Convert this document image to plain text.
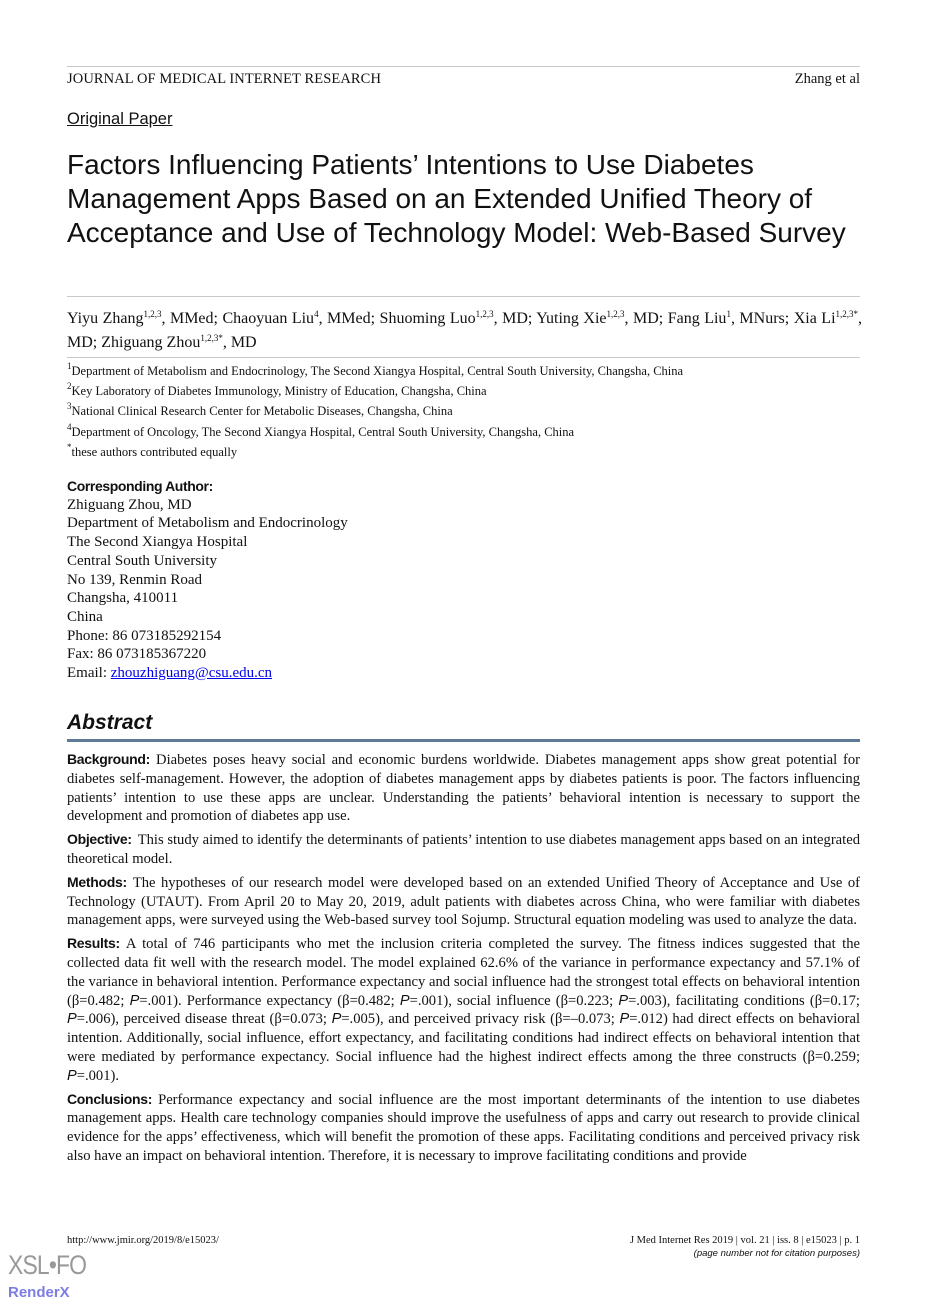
JOURNAL OF MEDICAL INTERNET RESEARCH	Zhang et al
Original Paper
Factors Influencing Patients’ Intentions to Use Diabetes Management Apps Based on an Extended Unified Theory of Acceptance and Use of Technology Model: Web-Based Survey
Yiyu Zhang$^{1,2,3}$, MMed; Chaoyuan Liu$^4$, MMed; Shuoming Luo$^{1,2,3}$, MD; Yuting Xie$^{1,2,3}$, MD; Fang Liu$^1$, MNurs; Xia $Li^{1,2,3*}$, MD; Zhiguang Zhou$^{1,2,3*}$, MD
$^1$Department of Metabolism and Endocrinology, The Second Xiangya Hospital, Central South University, Changsha, China
$^2$Key Laboratory of Diabetes Immunology, Ministry of Education, Changsha, China
$^3$National Clinical Research Center for Metabolic Diseases, Changsha, China
$^4$Department of Oncology, The Second Xiangya Hospital, Central South University, Changsha, China
*these authors contributed equally
Corresponding Author:
Zhiguang Zhou, MD
Department of Metabolism and Endocrinology
The Second Xiangya Hospital
Central South University
No 139, Renmin Road
Changsha, 410011
China
Phone: 86 073185292154
Fax: 86 073185367220
Email: zhouzhiguang@csu.edu.cn
Abstract

Background: Diabetes poses heavy social and economic burdens worldwide. Diabetes management apps show great potential for diabetes self-management. However, the adoption of diabetes management apps by diabetes patients is poor. The factors influencing patients’ intention to use these apps are unclear. Understanding the patients’ behavioral intention is necessary to support the development and promotion of diabetes app use.

Objective: This study aimed to identify the determinants of patients’ intention to use diabetes management apps based on an integrated theoretical model.

Methods: The hypotheses of our research model were developed based on an extended Unified Theory of Acceptance and Use of Technology (UTAUT). From April 20 to May 20, 2019, adult patients with diabetes across China, who were familiar with diabetes management apps, were surveyed using the Web-based survey tool Sojump. Structural equation modeling was used to analyze the data.

Results: A total of 746 participants who met the inclusion criteria completed the survey. The fitness indices suggested that the collected data fit well with the research model. The model explained 62.6% of the variance in performance expectancy and 57.1% of the variance in behavioral intention. Performance expectancy and social influence had the strongest total effects on behavioral intention (β=0.482; P=.001). Performance expectancy (β=0.482; P=.001), social influence (β=0.223; P=.003), facilitating conditions (β=0.17; P=.006), perceived disease threat (β=0.073; P=.005), and perceived privacy risk (β=–0.073; P=.012) had direct effects on behavioral intention. Additionally, social influence, effort expectancy, and facilitating conditions had indirect effects on behavioral intention that were mediated by performance expectancy. Social influence had the highest indirect effects among the three constructs (β=0.259; P=.001).

Conclusions: Performance expectancy and social influence are the most important determinants of the intention to use diabetes management apps. Health care technology companies should improve the usefulness of apps and carry out research to provide clinical evidence for the apps’ effectiveness, which will benefit the promotion of these apps. Facilitating conditions and perceived privacy risk also have an impact on behavioral intention. Therefore, it is necessary to improve facilitating conditions and provide

http://www.jmir.org/2019/8/e15023/	J Med Internet Res 2019 | vol. 21 | iss. 8 | e15023 | p. 1
(page number not for citation purposes)
XSL•FO
RenderX
